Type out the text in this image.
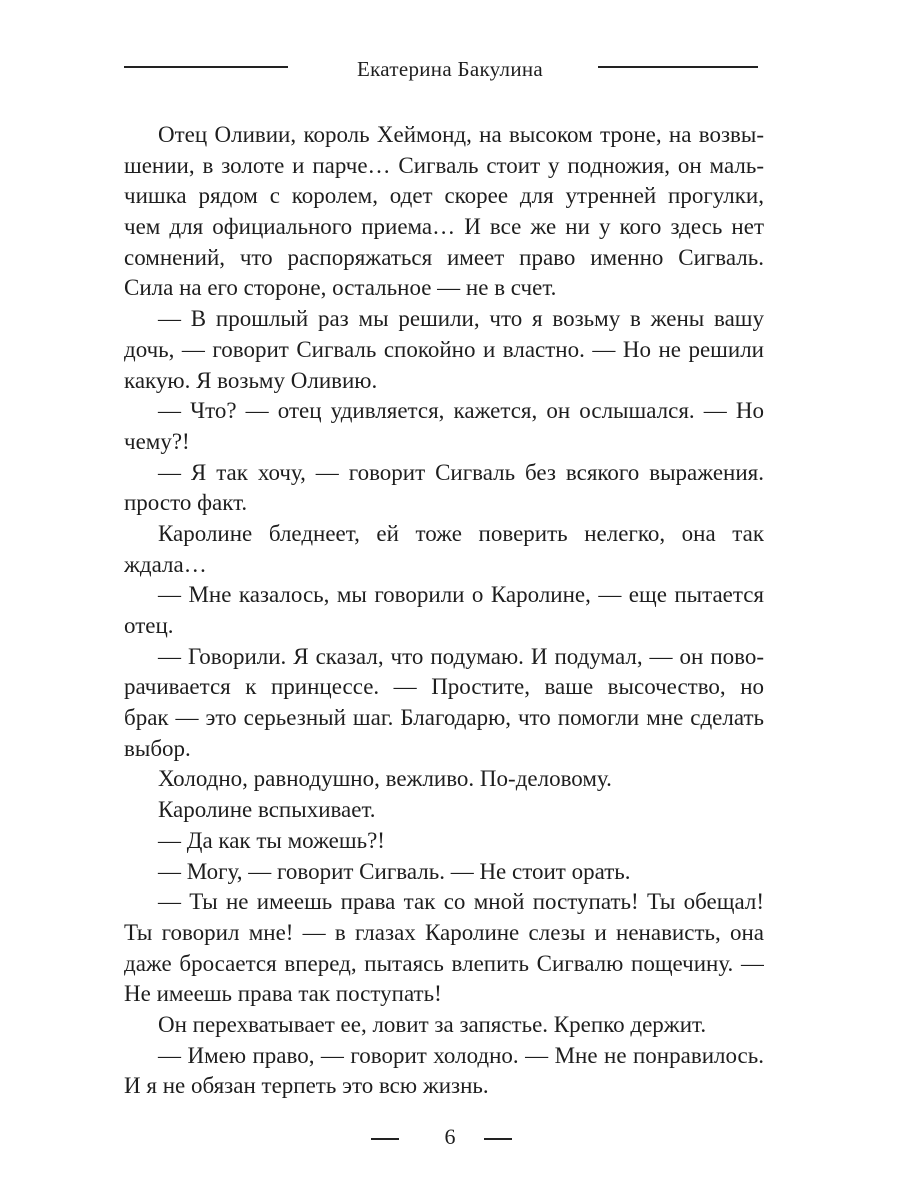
Екатерина Бакулина
Отец Оливии, король Хеймонд, на высоком троне, на возвы-
шении, в золоте и парче… Сигваль стоит у подножия, он маль-
чишка рядом с королем, одет скорее для утренней прогулки,
чем для официального приема… И все же ни у кого здесь нет
сомнений, что распоряжаться имеет право именно Сигваль.
Сила на его стороне, остальное — не в счет.
— В прошлый раз мы решили, что я возьму в жены вашу
дочь, — говорит Сигваль спокойно и властно. — Но не решили
какую. Я возьму Оливию.
— Что? — отец удивляется, кажется, он ослышался. — Но
чему?!
— Я так хочу, — говорит Сигваль без всякого выражения.
просто факт.
Каролине бледнеет, ей тоже поверить нелегко, она так
ждала…
— Мне казалось, мы говорили о Каролине, — еще пытается
отец.
— Говорили. Я сказал, что подумаю. И подумал, — он пово-
рачивается к принцессе. — Простите, ваше высочество, но
брак — это серьезный шаг. Благодарю, что помогли мне сделать
выбор.
Холодно, равнодушно, вежливо. По-деловому.
Каролине вспыхивает.
— Да как ты можешь?!
— Могу, — говорит Сигваль. — Не стоит орать.
— Ты не имеешь права так со мной поступать! Ты обещал!
Ты говорил мне! — в глазах Каролине слезы и ненависть, она
даже бросается вперед, пытаясь влепить Сигвалю пощечину. —
Не имеешь права так поступать!
Он перехватывает ее, ловит за запястье. Крепко держит.
— Имею право, — говорит холодно. — Мне не понравилось.
И я не обязан терпеть это всю жизнь.
6
